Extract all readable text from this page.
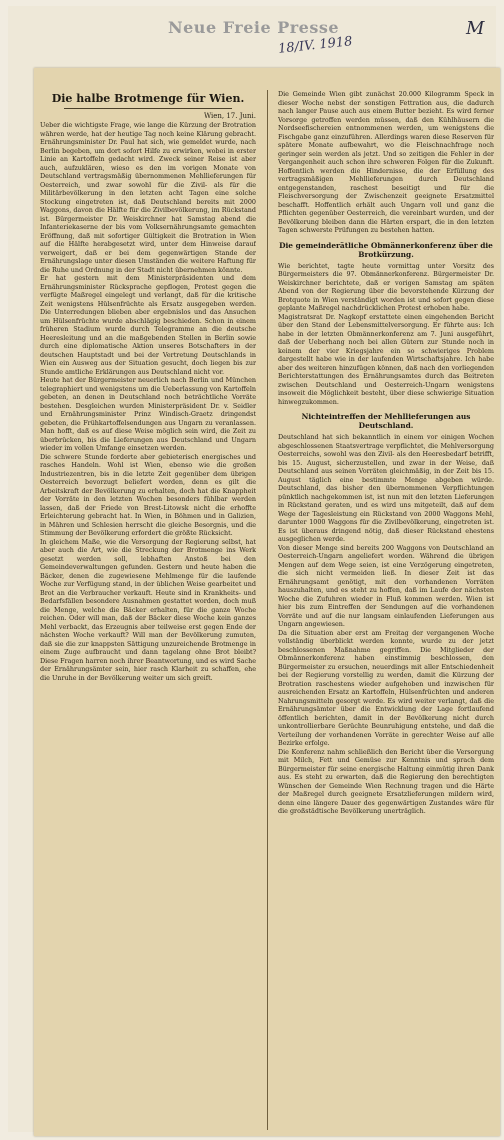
Neue Freie Presse
18/IV. 1918
M
Die halbe Brotmenge für Wien.
Wien, 17. Juni.

Ueber die wichtigste Frage, wie lange die Kürzung der Brotration währen werde, hat der heutige Tag noch keine Klärung gebracht. Ernährungsminister Dr. Paul hat sich, wie gemeldet wurde, nach Berlin begeben, um dort sofort Hilfe zu erwirken, wobei in erster Linie an Kartoffeln gedacht wird. Zweck seiner Reise ist aber auch, aufzuklären, wieso es den im vorigen Monate von Deutschland vertragsmäßig übernommenen Mehllieferungen für Oesterreich, und zwar sowohl für die Zivil- als für die Militärbevölkerung in den letzten acht Tagen eine solche Stockung eingetreten ist, daß Deutschland bereits mit 2000 Waggons, davon die Hälfte für die Zivilbevölkerung, im Rückstand ist. Bürgermeister Dr. Weiskirchner hat Samstag abend die Infanteriekaserne der bis vom Volksernährungsamte gemachten Eröffnung, daß mit sofortiger Gültigkeit die Brotration in Wien auf die Hälfte herabgesetzt wird, unter dem Hinweise darauf verweigert, daß er bei dem gegenwärtigen Stande der Ernährungslage unter diesen Umständen die weitere Haftung für die Ruhe und Ordnung in der Stadt nicht übernehmen könnte.

Er hat gestern mit dem Ministerpräsidenten und dem Ernährungsminister Rücksprache gepflogen, Protest gegen die verfügte Maßregel eingelegt und verlangt, daß für die kritische Zeit wenigstens Hülsenfrüchte als Ersatz ausgegeben werden. Die Unterredungen blieben aber ergebnislos und das Ansuchen um Hülsenfrüchte wurde abschlägig beschieden. Schon in einem früheren Stadium wurde durch Telegramme an die deutsche Heeresleitung und an die maßgebenden Stellen in Berlin sowie durch eine diplomatische Aktion unseres Botschafters in der deutschen Hauptstadt und bei der Vertretung Deutschlands in Wien ein Ausweg aus der Situation gesucht, doch liegen bis zur Stunde amtliche Erklärungen aus Deutschland nicht vor.

Heute hat der Bürgermeister neuerlich nach Berlin und München telegraphiert und wenigstens um die Ueberlassung von Kartoffeln gebeten, an denen in Deutschland noch beträchtliche Vorräte bestehen. Desgleichen wurden Ministerpräsident Dr. v. Seidler und Ernährungsminister Prinz Windisch-Graetz dringendst gebeten, die Frühkartoffelsendungen aus Ungarn zu veranlassen. Man hofft, daß es auf diese Weise möglich sein wird, die Zeit zu überbrücken, bis die Lieferungen aus Deutschland und Ungarn wieder im vollen Umfange einsetzen werden.

Die schwere Stunde forderte aber gebieterisch energisches und rasches Handeln. Wohl ist Wien, ebenso wie die großen Industriezentren, bis in die letzte Zeit gegenüber dem übrigen Oesterreich bevorzugt beliefert worden, denn es gilt die Arbeitskraft der Bevölkerung zu erhalten, doch hat die Knappheit der Vorräte in den letzten Wochen besonders fühlbar werden lassen, daß der Friede von Brest-Litowsk nicht die erhoffte Erleichterung gebracht hat. In Wien, in Böhmen und in Galizien, in Mähren und Schlesien herrscht die gleiche Besorgnis, und die Stimmung der Bevölkerung erfordert die größte Rücksicht.

In gleichem Maße, wie die Versorgung der Regierung selbst, hat aber auch die Art, wie die Streckung der Brotmenge ins Werk gesetzt werden soll, lebhaften Anstoß bei den Gemeindeverwaltungen gefunden. Gestern und heute haben die Bäcker, denen die zugewiesene Mehlmenge für die laufende Woche zur Verfügung stand, in der üblichen Weise gearbeitet und Brot an die Verbraucher verkauft. Heute sind in Krankheits- und Bedarfsfällen besondere Ausnahmen gestattet worden, doch muß die Menge, welche die Bäcker erhalten, für die ganze Woche reichen. Oder will man, daß der Bäcker diese Woche kein ganzes Mehl verbackt, das Erzeugnis aber teilweise erst gegen Ende der nächsten Woche verkauft? Will man der Bevölkerung zumuten, daß sie die zur knappsten Sättigung unzureichende Brotmenge in einem Zuge aufbraucht und dann tagelang ohne Brot bleibt? Diese Fragen harren noch ihrer Beantwortung, und es wird Sache der Ernährungsämter sein, hier rasch Klarheit zu schaffen, ehe die Unruhe in der Bevölkerung weiter um sich greift.

Die Gemeinde Wien gibt zunächst 20.000 Kilogramm Speck in dieser Woche nebst der sonstigen Fettration aus, die dadurch nach langer Pause auch aus einem Butter bezieht. Es wird ferner Vorsorge getroffen werden müssen, daß den Kühlhäusern die Nordseefischereien entnommenen werden, um wenigstens die Fischgabe ganz einzuführen. Allerdings waren diese Reserven für spätere Monate aufbewahrt, wo die Fleischnachfrage noch geringer sein werden als jetzt. Und so zeitigen die Fehler in der Vergangenheit auch schon ihre schweren Folgen für die Zukunft. Hoffentlich werden die Hindernisse, die der Erfüllung des vertragsmäßigen Mehllieferungen durch Deutschland entgegenstanden, raschest beseitigt und für die Fleischversorgung der Zwischenzeit geeignete Ersatzmittel beschafft. Hoffentlich erhält auch Ungarn voll und ganz die Pflichten gegenüber Oesterreich, die vereinbart wurden, und der Bevölkerung bleiben dann die Härten erspart, die in den letzten Tagen schwerste Prüfungen zu bestehen hatten.

Die gemeinderätliche Obmännerkonferenz über die Brotkürzung.

Wie berichtet, tagte heute vormittag unter Vorsitz des Bürgermeisters die 97. Obmännerkonferenz. Bürgermeister Dr. Weiskirchner berichtete, daß er vorigen Samstag am späten Abend von der Regierung über die bevorstehende Kürzung der Brotquote in Wien verständigt worden ist und sofort gegen diese geplante Maßregel nachdrücklichen Protest erhoben habe.

Magistratsrat Dr. Nagkopf erstattete einen eingehenden Bericht über den Stand der Lebensmittelversorgung. Er führte aus: Ich habe in der letzten Obmännerkonferenz am 7. Juni ausgeführt, daß der Ueberhang noch bei allen Gütern zur Stunde noch in keinem der vier Kriegsjahre ein so schwieriges Problem dargestellt habe wie in der laufenden Wirtschaftsjahre. Ich habe aber des weiteren hinzufügen können, daß nach den vorliegenden Berichterstattungen des Ernährungsamtes durch das Beitreten zwischen Deutschland und Oesterreich-Ungarn wenigstens insoweit die Möglichkeit besteht, über diese schwierige Situation hinwegzukommen.

Nichteintreffen der Mehllieferungen aus Deutschland.

Deutschland hat sich bekanntlich in einem vor einigen Wochen abgeschlossenen Staatsvertrage verpflichtet, die Mehlversorgung Oesterreichs, sowohl was den Zivil- als den Heeresbedarf betrifft, bis 15. August, sicherzustellen, und zwar in der Weise, daß Deutschland aus seinen Vorräten gleichmäßig, in der Zeit bis 15. August täglich eine bestimmte Menge abgeben würde. Deutschland, das bisher den übernommenen Verpflichtungen pünktlich nachgekommen ist, ist nun mit den letzten Lieferungen in Rückstand geraten, und es wird uns mitgeteilt, daß auf dem Wege der Tagesleistung ein Rückstand von 2000 Waggons Mehl, darunter 1000 Waggons für die Zivilbevölkerung, eingetreten ist. Es ist überaus dringend nötig, daß dieser Rückstand ehestens ausgeglichen werde.

Von dieser Menge sind bereits 200 Waggons von Deutschland an Oesterreich-Ungarn angeliefert worden. Während die übrigen Mengen auf dem Wege seien, ist eine Verzögerung eingetreten, die sich nicht vermeiden ließ. In dieser Zeit ist das Ernährungsamt genötigt, mit den vorhandenen Vorräten hauszuhalten, und es steht zu hoffen, daß im Laufe der nächsten Woche die Zufuhren wieder in Fluß kommen werden. Wien ist hier bis zum Eintreffen der Sendungen auf die vorhandenen Vorräte und auf die nur langsam einlaufenden Lieferungen aus Ungarn angewiesen.

Da die Situation aber erst am Freitag der vergangenen Woche vollständig überblickt werden konnte, wurde zu der jetzt beschlossenen Maßnahme gegriffen. Die Mitglieder der Obmännerkonferenz haben einstimmig beschlossen, den Bürgermeister zu ersuchen, neuerdings mit aller Entschiedenheit bei der Regierung vorstellig zu werden, damit die Kürzung der Brotration raschestens wieder aufgehoben und inzwischen für ausreichenden Ersatz an Kartoffeln, Hülsenfrüchten und anderen Nahrungsmitteln gesorgt werde. Es wird weiter verlangt, daß die Ernährungsämter über die Entwicklung der Lage fortlaufend öffentlich berichten, damit in der Bevölkerung nicht durch unkontrollierbare Gerüchte Beunruhigung entstehe, und daß die Verteilung der vorhandenen Vorräte in gerechter Weise auf alle Bezirke erfolge.

Die Konferenz nahm schließlich den Bericht über die Versorgung mit Milch, Fett und Gemüse zur Kenntnis und sprach dem Bürgermeister für seine energische Haltung einmütig ihren Dank aus. Es steht zu erwarten, daß die Regierung den berechtigten Wünschen der Gemeinde Wien Rechnung tragen und die Härte der Maßregel durch geeignete Ersatzlieferungen mildern wird, denn eine längere Dauer des gegenwärtigen Zustandes wäre für die großstädtische Bevölkerung unerträglich.
